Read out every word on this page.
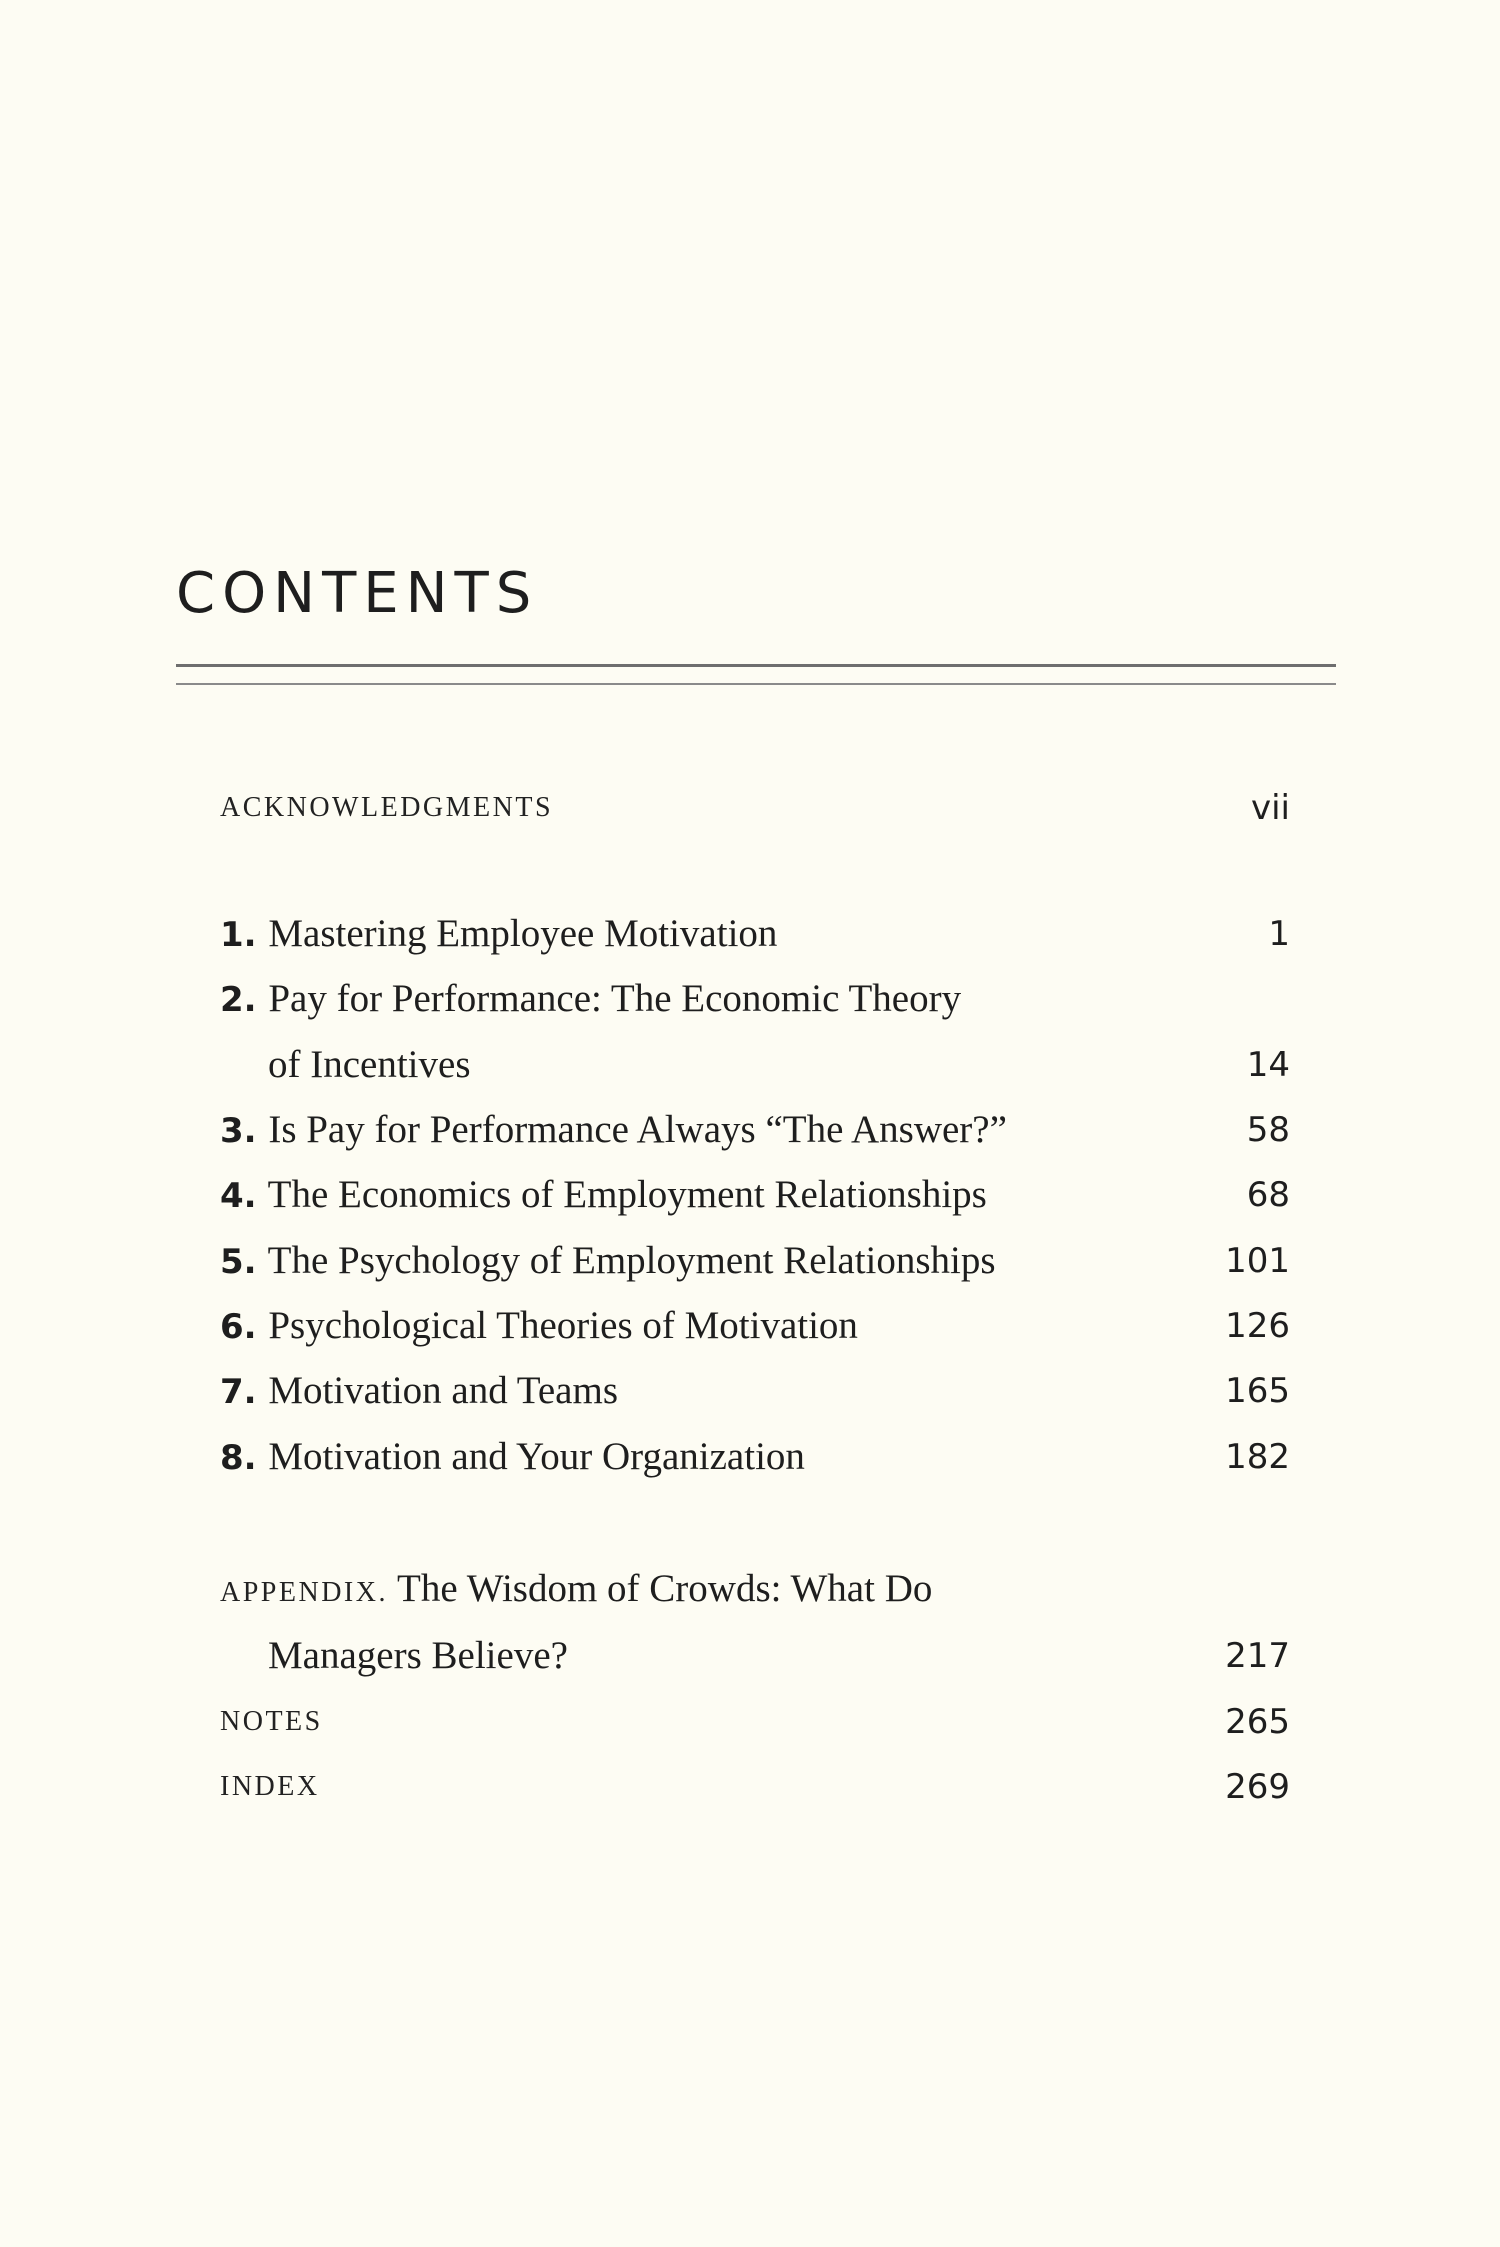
CONTENTS
ACKNOWLEDGMENTS	vii
1. Mastering Employee Motivation	1
2. Pay for Performance: The Economic Theory
of Incentives	14
3. Is Pay for Performance Always “The Answer?”	58
4. The Economics of Employment Relationships	68
5. The Psychology of Employment Relationships	101
6. Psychological Theories of Motivation	126
7. Motivation and Teams	165
8. Motivation and Your Organization	182
APPENDIX. The Wisdom of Crowds: What Do
Managers Believe?	217
NOTES	265
INDEX	269
